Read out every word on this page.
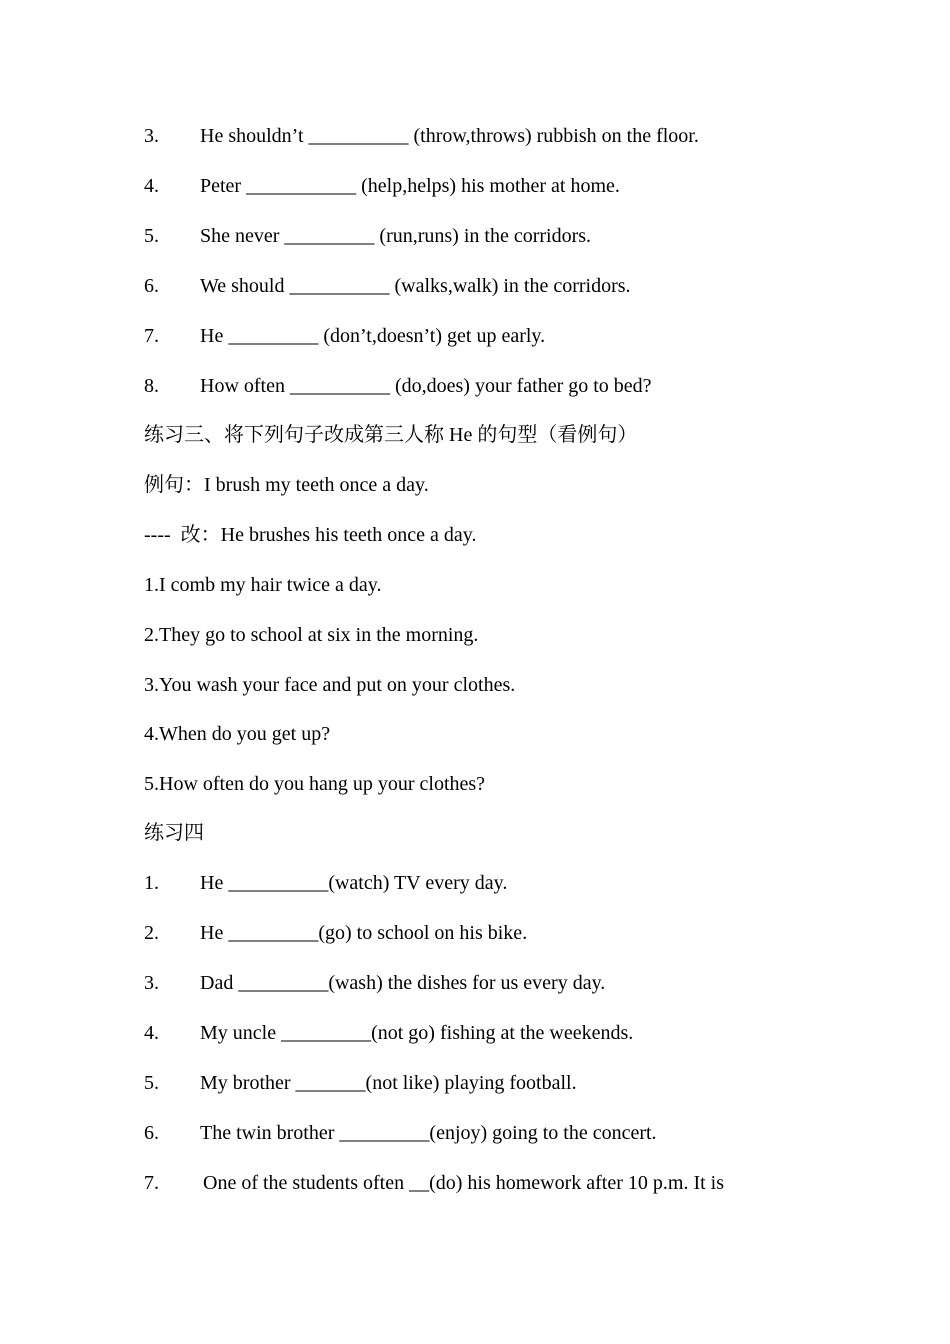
3. He shouldn’t __________ (throw,throws) rubbish on the floor.
4. Peter ___________ (help,helps) his mother at home.
5. She never _________ (run,runs) in the corridors.
6. We should __________ (walks,walk) in the corridors.
7. He _________ (don’t,doesn’t) get up early.
8. How often __________ (do,does) your father go to bed?
练习三、将下列句子改成第三人称 He 的句型（看例句）
例句：I brush my teeth once a day.
----  改：He brushes his teeth once a day.
1.I comb my hair twice a day.
2.They go to school at six in the morning.
3.You wash your face and put on your clothes.
4.When do you get up?
5.How often do you hang up your clothes?
练习四
1. He __________(watch) TV every day.
2. He _________(go) to school on his bike.
3. Dad _________(wash) the dishes for us every day.
4. My uncle _________(not go) fishing at the weekends.
5. My brother _______(not like) playing football.
6. The twin brother _________(enjoy) going to the concert.
7. One of the students often __(do) his homework after 10 p.m. It is
